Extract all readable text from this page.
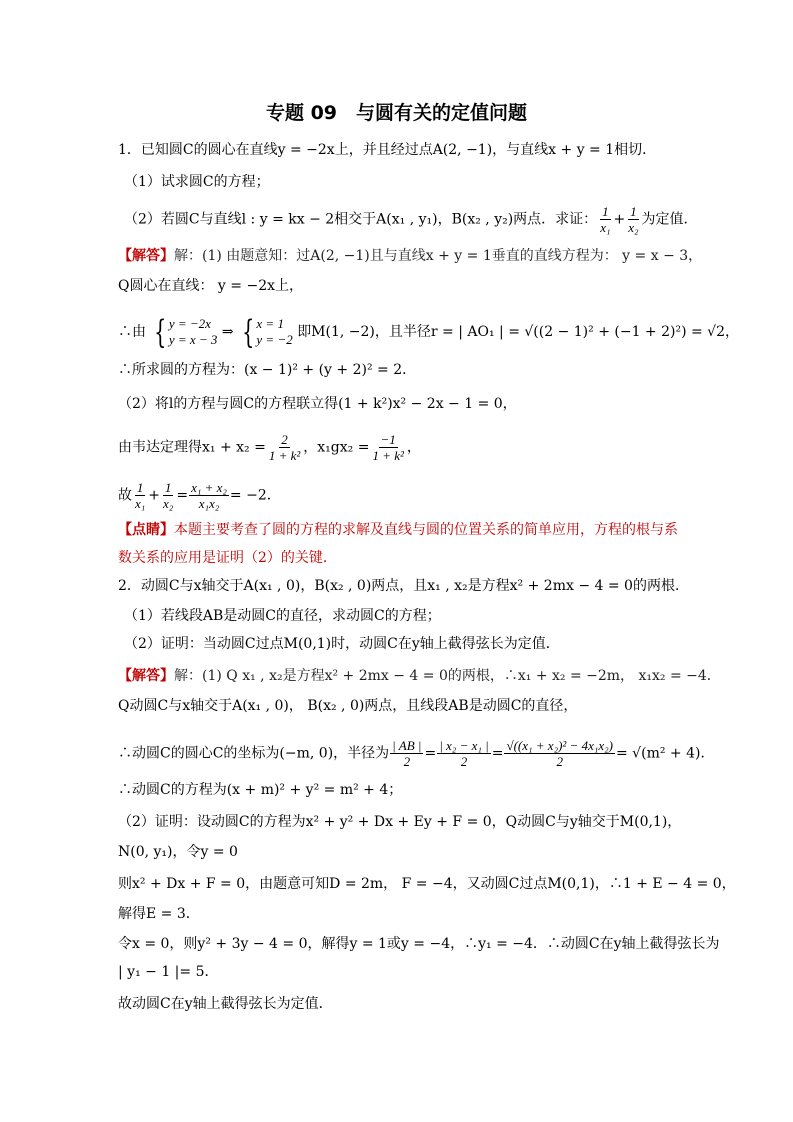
专题 09　与圆有关的定值问题
1．已知圆C的圆心在直线y = −2x上，并且经过点A(2, −1)，与直线x + y = 1相切．
（1）试求圆C的方程；
（2）若圆C与直线l : y = kx − 2相交于A(x₁ , y₁)，B(x₂ , y₂)两点．求证： $\frac{1}{\text{x₁}} + \frac{1}{\text{x₂}}$ 为定值．
【解答】解：(1) 由题意知：过A(2, −1)且与直线x + y = 1垂直的直线方程为： y = x − 3，
Q圆心在直线： y = −2x上，
∴由 { y = −2x
y = x − 3 ⇒ { x = 1
y = −2 即M(1, −2)，且半径r = | AO₁ | = √((2 − 1)² + (−1 + 2)²) = √2，
∴所求圆的方程为：(x − 1)² + (y + 2)² = 2．
（2）将l的方程与圆C的方程联立得(1 + k²)x² − 2x − 1 = 0，
由韦达定理得$x_1 + x_2 = \frac{2}{\text{1 + k²}}$ ，$x_1gx_2 = \frac{-1}{\text{1 + k²}}$ ，
故 $\frac{1}{\text{x₁}} + \frac{1}{\text{x₂}} = \frac{\text{x₁ + x₂}}{\text{x₁x₂}} = -2$．
【点睛】本题主要考查了圆的方程的求解及直线与圆的位置关系的简单应用，方程的根与系
数关系的应用是证明（2）的关键．
2．动圆C与x轴交于A(x₁ , 0)，B(x₂ , 0)两点，且x₁ , x₂是方程x² + 2mx − 4 = 0的两根．
（1）若线段AB是动圆C的直径，求动圆C的方程；
（2）证明：当动圆C过点M(0,1)时，动圆C在y轴上截得弦长为定值．
【解答】解：(1) Q x₁ , x₂是方程x² + 2mx − 4 = 0的两根，∴x₁ + x₂ = −2m， x₁x₂ = −4．
Q动圆C与x轴交于A(x₁ , 0)， B(x₂ , 0)两点，且线段AB是动圆C的直径，
∴动圆C的圆心C的坐标为(−m, 0)，半径为 $\frac{| AB |}{2} = \frac{\text{| x₂ − x₁ |}}{2} = \frac{\text{√((x₁ + x₂)² − 4x₁x₂)}}{2} = √(m^2 + 4)$．
∴动圆C的方程为(x + m)² + y² = m² + 4；
（2）证明：设动圆C的方程为x² + y² + Dx + Ey + F = 0，Q动圆C与y轴交于M(0,1)，
N(0, y₁)，令y = 0
则x² + Dx + F = 0，由题意可知D = 2m， F = −4，又动圆C过点M(0,1)，∴1 + E − 4 = 0，
解得E = 3．
令x = 0，则y² + 3y − 4 = 0，解得y = 1或y = −4，∴y₁ = −4．∴动圆C在y轴上截得弦长为
| y₁ − 1 |= 5．
故动圆C在y轴上截得弦长为定值．
